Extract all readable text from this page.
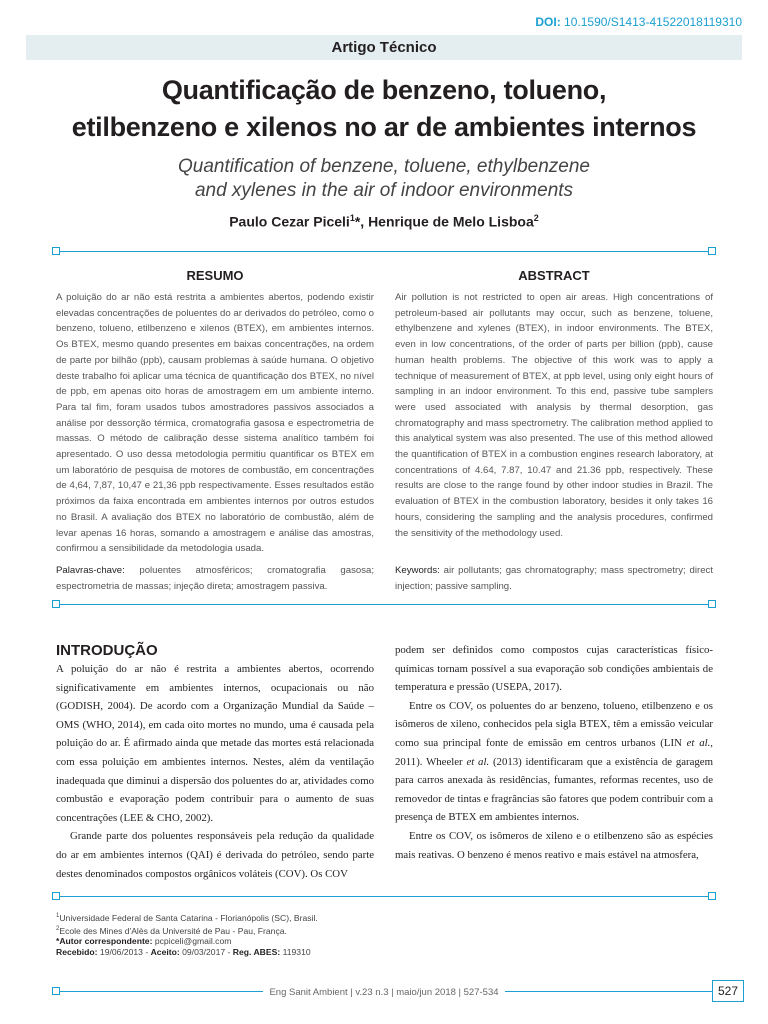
DOI: 10.1590/S1413-41522018119310
Artigo Técnico
Quantificação de benzeno, tolueno,
etilbenzeno e xilenos no ar de ambientes internos
Quantification of benzene, toluene, ethylbenzene
and xylenes in the air of indoor environments
Paulo Cezar Piceli$^1$*, Henrique de Melo Lisboa$^2$
RESUMO	ABSTRACT
A poluição do ar não está restrita a ambientes abertos, podendo existir elevadas concentrações de poluentes do ar derivados do petróleo, como o benzeno, tolueno, etilbenzeno e xilenos (BTEX), em ambientes internos. Os BTEX, mesmo quando presentes em baixas concentrações, na ordem de parte por bilhão (ppb), causam problemas à saúde humana. O objetivo deste trabalho foi aplicar uma técnica de quantificação dos BTEX, no nível de ppb, em apenas oito horas de amostragem em um ambiente interno. Para tal fim, foram usados tubos amostradores passivos associados a análise por dessorção térmica, cromatografia gasosa e espectrometria de massas. O método de calibração desse sistema analítico também foi apresentado. O uso dessa metodologia permitiu quantificar os BTEX em um laboratório de pesquisa de motores de combustão, em concentrações de 4,64, 7,87, 10,47 e 21,36 ppb respectivamente. Esses resultados estão próximos da faixa encontrada em ambientes internos por outros estudos no Brasil. A avaliação dos BTEX no laboratório de combustão, além de levar apenas 16 horas, somando a amostragem e análise das amostras, confirmou a sensibilidade da metodologia usada.
Air pollution is not restricted to open air areas. High concentrations of petroleum-based air pollutants may occur, such as benzene, toluene, ethylbenzene and xylenes (BTEX), in indoor environments. The BTEX, even in low concentrations, of the order of parts per billion (ppb), cause human health problems. The objective of this work was to apply a technique of measurement of BTEX, at ppb level, using only eight hours of sampling in an indoor environment. To this end, passive tube samplers were used associated with analysis by thermal desorption, gas chromatography and mass spectrometry. The calibration method applied to this analytical system was also presented. The use of this method allowed the quantification of BTEX in a combustion engines research laboratory, at concentrations of 4.64, 7.87, 10.47 and 21.36 ppb, respectively. These results are close to the range found by other indoor studies in Brazil. The evaluation of BTEX in the combustion laboratory, besides it only takes 16 hours, considering the sampling and the analysis procedures, confirmed the sensitivity of the methodology used.
Palavras-chave: poluentes atmosféricos; cromatografia gasosa; espectrometria de massas; injeção direta; amostragem passiva.
Keywords: air pollutants; gas chromatography; mass spectrometry; direct injection; passive sampling.
INTRODUÇÃO

A poluição do ar não é restrita a ambientes abertos, ocorrendo significativamente em ambientes internos, ocupacionais ou não (GODISH, 2004). De acordo com a Organização Mundial da Saúde – OMS (WHO, 2014), em cada oito mortes no mundo, uma é causada pela poluição do ar. É afirmado ainda que metade das mortes está relacionada com essa poluição em ambientes internos. Nestes, além da ventilação inadequada que diminui a dispersão dos poluentes do ar, atividades como combustão e evaporação podem contribuir para o aumento de suas concentrações (LEE & CHO, 2002).

Grande parte dos poluentes responsáveis pela redução da qualidade do ar em ambientes internos (QAI) é derivada do petróleo, sendo parte destes denominados compostos orgânicos voláteis (COV). Os COV

podem ser definidos como compostos cujas características físico-químicas tornam possível a sua evaporação sob condições ambientais de temperatura e pressão (USEPA, 2017).

Entre os COV, os poluentes do ar benzeno, tolueno, etilbenzeno e os isômeros de xileno, conhecidos pela sigla BTEX, têm a emissão veicular como sua principal fonte de emissão em centros urbanos (LIN et al., 2011). Wheeler et al. (2013) identificaram que a existência de garagem para carros anexada às residências, fumantes, reformas recentes, uso de removedor de tintas e fragrâncias são fatores que podem contribuir com a presença de BTEX em ambientes internos.

Entre os COV, os isômeros de xileno e o etilbenzeno são as espécies mais reativas. O benzeno é menos reativo e mais estável na atmosfera,

$^1$Universidade Federal de Santa Catarina - Florianópolis (SC), Brasil.
$^2$Ecole des Mines d'Alès da Université de Pau - Pau, França.
*Autor correspondente: pcpiceli@gmail.com
Recebido: 19/06/2013 - Aceito: 09/03/2017 - Reg. ABES: 119310
Eng Sanit Ambient | v.23 n.3 | maio/jun 2018 | 527-534	527
